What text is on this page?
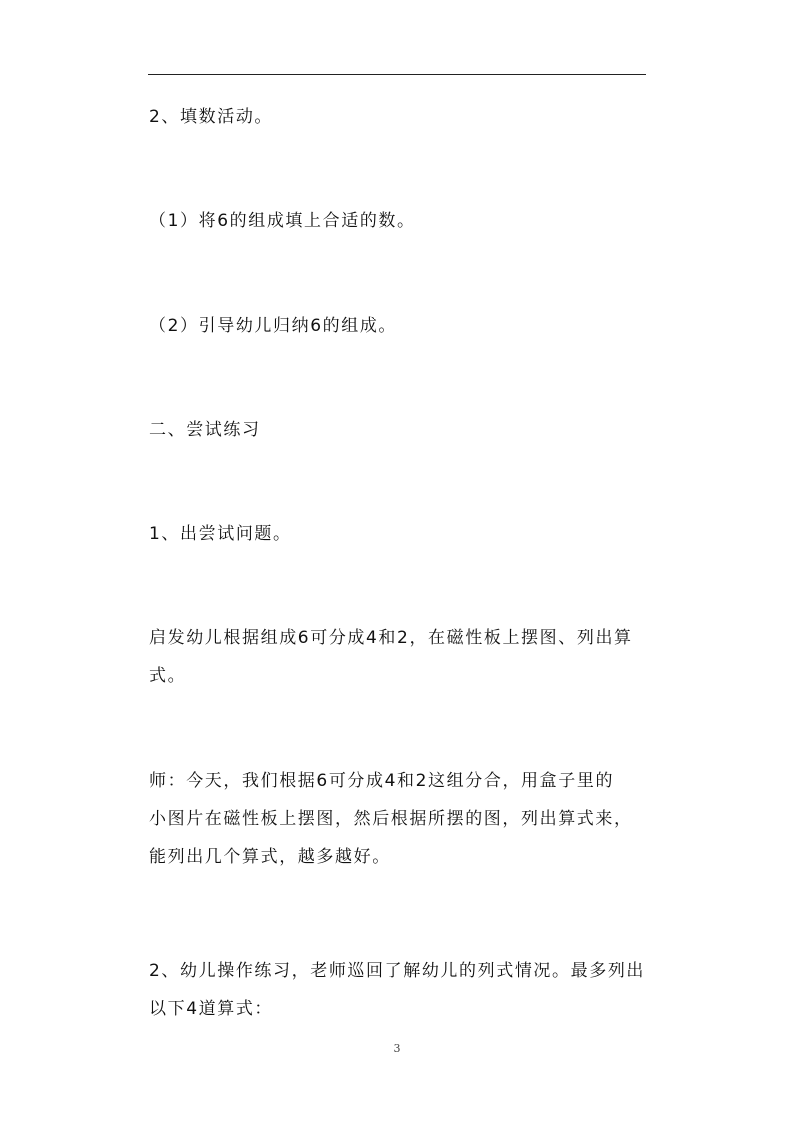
2、填数活动。
（1）将6的组成填上合适的数。
（2）引导幼儿归纳6的组成。
二、尝试练习
1、出尝试问题。
启发幼儿根据组成6可分成4和2，在磁性板上摆图、列出算
式。
师：今天，我们根据6可分成4和2这组分合，用盒子里的
小图片在磁性板上摆图，然后根据所摆的图，列出算式来，
能列出几个算式，越多越好。
2、幼儿操作练习，老师巡回了解幼儿的列式情况。最多列出
以下4道算式：
3
